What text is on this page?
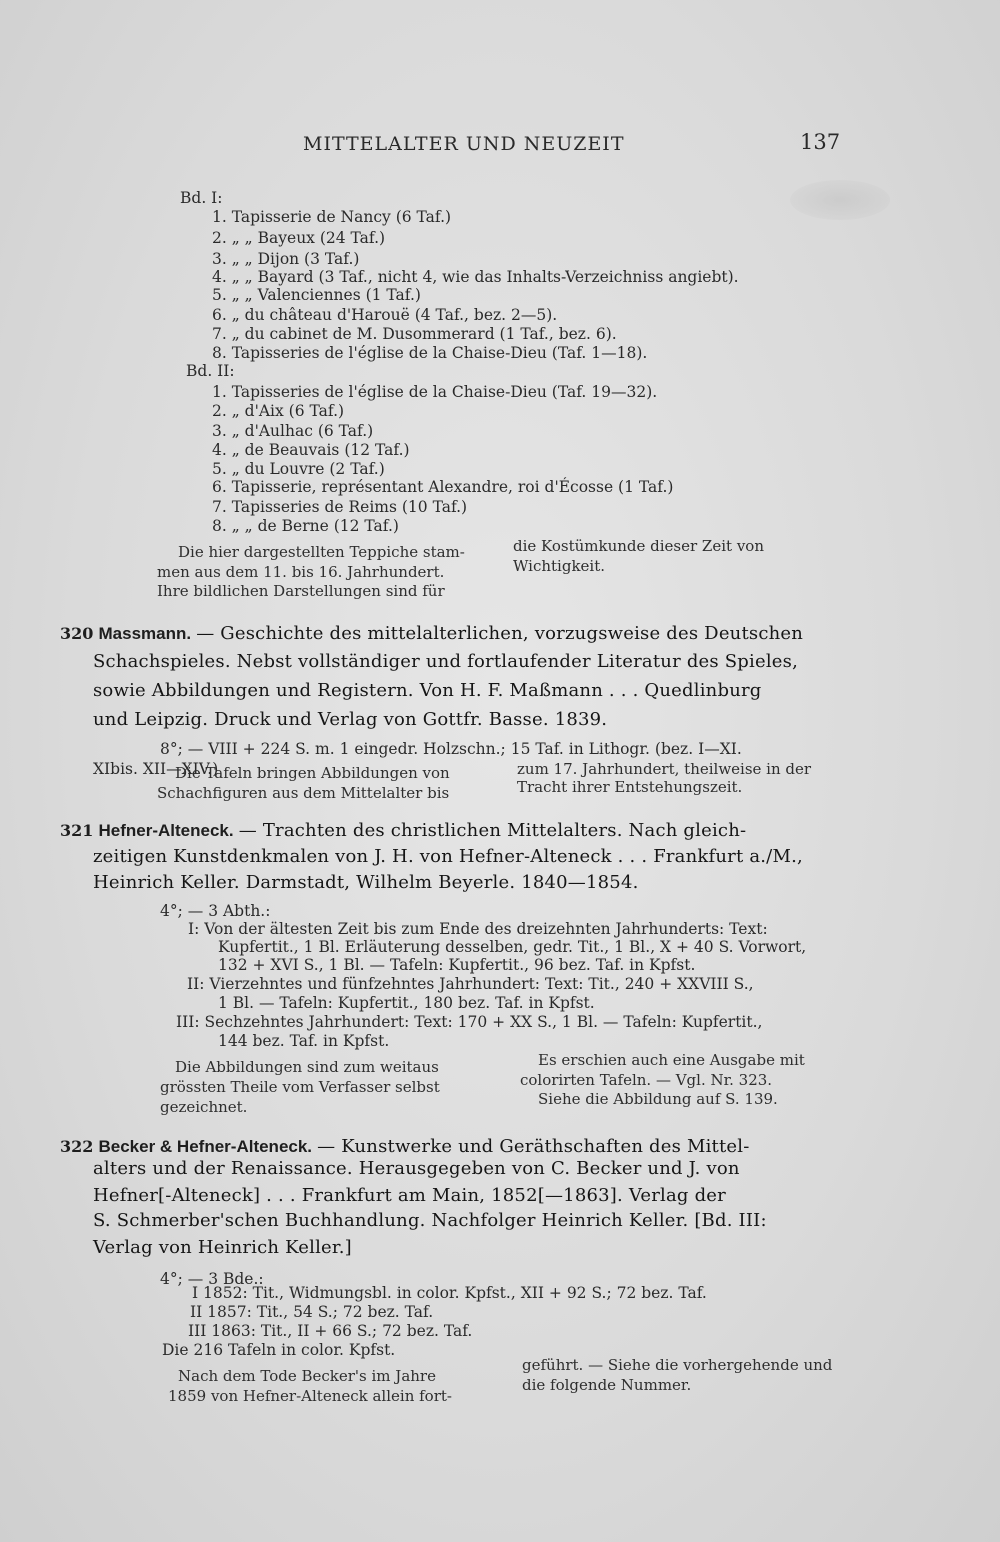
MITTELALTER UND NEUZEIT	137
Bd. I:
1. Tapisserie de Nancy (6 Taf.)
2. „ „ Bayeux (24 Taf.)
3. „ „ Dijon (3 Taf.)
4. „ „ Bayard (3 Taf., nicht 4, wie das Inhalts-Verzeichniss angiebt).
5. „ „ Valenciennes (1 Taf.)
6. „ du château d'Harouë (4 Taf., bez. 2—5).
7. „ du cabinet de M. Dusommerard (1 Taf., bez. 6).
8. Tapisseries de l'église de la Chaise-Dieu (Taf. 1—18).
Bd. II:
1. Tapisseries de l'église de la Chaise-Dieu (Taf. 19—32).
2. „ d'Aix (6 Taf.)
3. „ d'Aulhac (6 Taf.)
4. „ de Beauvais (12 Taf.)
5. „ du Louvre (2 Taf.)
6. Tapisserie, représentant Alexandre, roi d'Écosse (1 Taf.)
7. Tapisseries de Reims (10 Taf.)
8. „ „ de Berne (12 Taf.)
Die hier dargestellten Teppiche stam-
men aus dem 11. bis 16. Jahrhundert.
Ihre bildlichen Darstellungen sind für
die Kostümkunde dieser Zeit von
Wichtigkeit.
320 Massmann. — Geschichte des mittelalterlichen, vorzugsweise des Deutschen
Schachspieles. Nebst vollständiger und fortlaufender Literatur des Spieles,
sowie Abbildungen und Registern. Von H. F. Maßmann . . . Quedlinburg
und Leipzig. Druck und Verlag von Gottfr. Basse. 1839.
8°; — VIII + 224 S. m. 1 eingedr. Holzschn.; 15 Taf. in Lithogr. (bez. I—XI.
XIbis. XII—XIV.)
Die Tafeln bringen Abbildungen von
Schachfiguren aus dem Mittelalter bis
zum 17. Jahrhundert, theilweise in der
Tracht ihrer Entstehungszeit.
321 Hefner-Alteneck. — Trachten des christlichen Mittelalters. Nach gleich-
zeitigen Kunstdenkmalen von J. H. von Hefner-Alteneck . . . Frankfurt a./M.,
Heinrich Keller. Darmstadt, Wilhelm Beyerle. 1840—1854.
4°; — 3 Abth.:
I: Von der ältesten Zeit bis zum Ende des dreizehnten Jahrhunderts: Text:
Kupfertit., 1 Bl. Erläuterung desselben, gedr. Tit., 1 Bl., X + 40 S. Vorwort,
132 + XVI S., 1 Bl. — Tafeln: Kupfertit., 96 bez. Taf. in Kpfst.
II: Vierzehntes und fünfzehntes Jahrhundert: Text: Tit., 240 + XXVIII S.,
1 Bl. — Tafeln: Kupfertit., 180 bez. Taf. in Kpfst.
III: Sechzehntes Jahrhundert: Text: 170 + XX S., 1 Bl. — Tafeln: Kupfertit.,
144 bez. Taf. in Kpfst.
Die Abbildungen sind zum weitaus
grössten Theile vom Verfasser selbst
gezeichnet.
Es erschien auch eine Ausgabe mit
colorirten Tafeln. — Vgl. Nr. 323.
Siehe die Abbildung auf S. 139.
322 Becker & Hefner-Alteneck. — Kunstwerke und Geräthschaften des Mittel-
alters und der Renaissance. Herausgegeben von C. Becker und J. von
Hefner[-Alteneck] . . . Frankfurt am Main, 1852[—1863]. Verlag der
S. Schmerber'schen Buchhandlung. Nachfolger Heinrich Keller. [Bd. III:
Verlag von Heinrich Keller.]
4°; — 3 Bde.:
I 1852: Tit., Widmungsbl. in color. Kpfst., XII + 92 S.; 72 bez. Taf.
II 1857: Tit., 54 S.; 72 bez. Taf.
III 1863: Tit., II + 66 S.; 72 bez. Taf.
Die 216 Tafeln in color. Kpfst.
Nach dem Tode Becker's im Jahre
1859 von Hefner-Alteneck allein fort-
geführt. — Siehe die vorhergehende und
die folgende Nummer.
